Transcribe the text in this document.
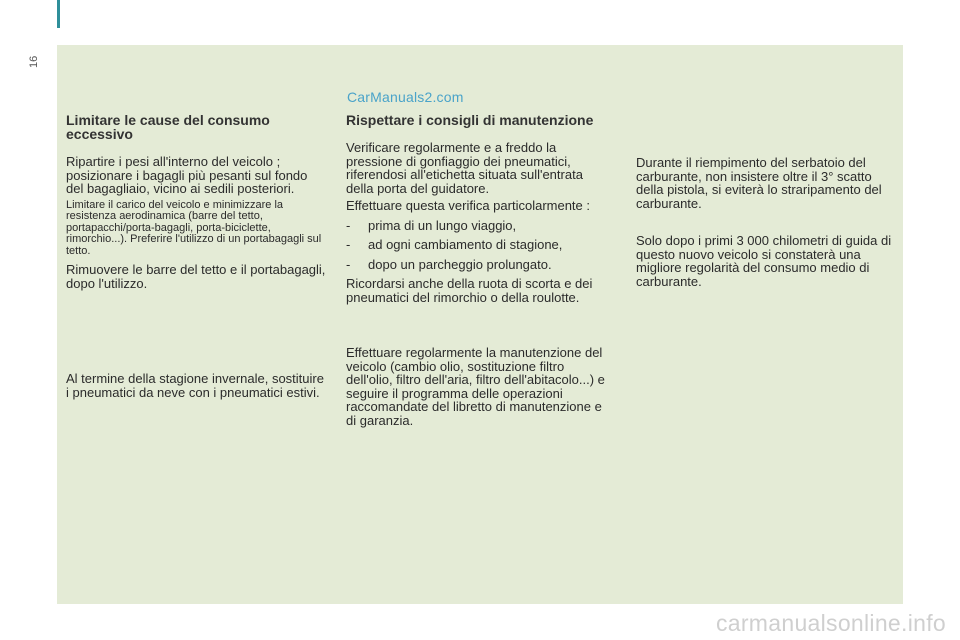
16
CarManuals2.com
Limitare le cause del consumo eccessivo

Ripartire i pesi all'interno del veicolo ; posizionare i bagagli più pesanti sul fondo del bagagliaio, vicino ai sedili posteriori.

Limitare il carico del veicolo e minimizzare la resistenza aerodinamica (barre del tetto, portapacchi/porta-bagagli, porta-biciclette, rimorchio...). Preferire l'utilizzo di un portabagagli sul tetto.

Rimuovere le barre del tetto e il portabagagli, dopo l'utilizzo.

Al termine della stagione invernale, sostituire i pneumatici da neve con i pneumatici estivi.

Rispettare i consigli di manutenzione

Verificare regolarmente e a freddo la pressione di gonfiaggio dei pneumatici, riferendosi all'etichetta situata sull'entrata della porta del guidatore.

Effettuare questa verifica particolarmente :

- prima di un lungo viaggio,
- ad ogni cambiamento di stagione,
- dopo un parcheggio prolungato.

Ricordarsi anche della ruota di scorta e dei pneumatici del rimorchio o della roulotte.

Effettuare regolarmente la manutenzione del veicolo (cambio olio, sostituzione filtro dell'olio, filtro dell'aria, filtro dell'abitacolo...) e seguire il programma delle operazioni raccomandate del libretto di manutenzione e di garanzia.

Durante il riempimento del serbatoio del carburante, non insistere oltre il 3° scatto della pistola, si eviterà lo straripamento del carburante.

Solo dopo i primi 3 000 chilometri di guida di questo nuovo veicolo si constaterà una migliore regolarità del consumo medio di carburante.

carmanualsonline.info
